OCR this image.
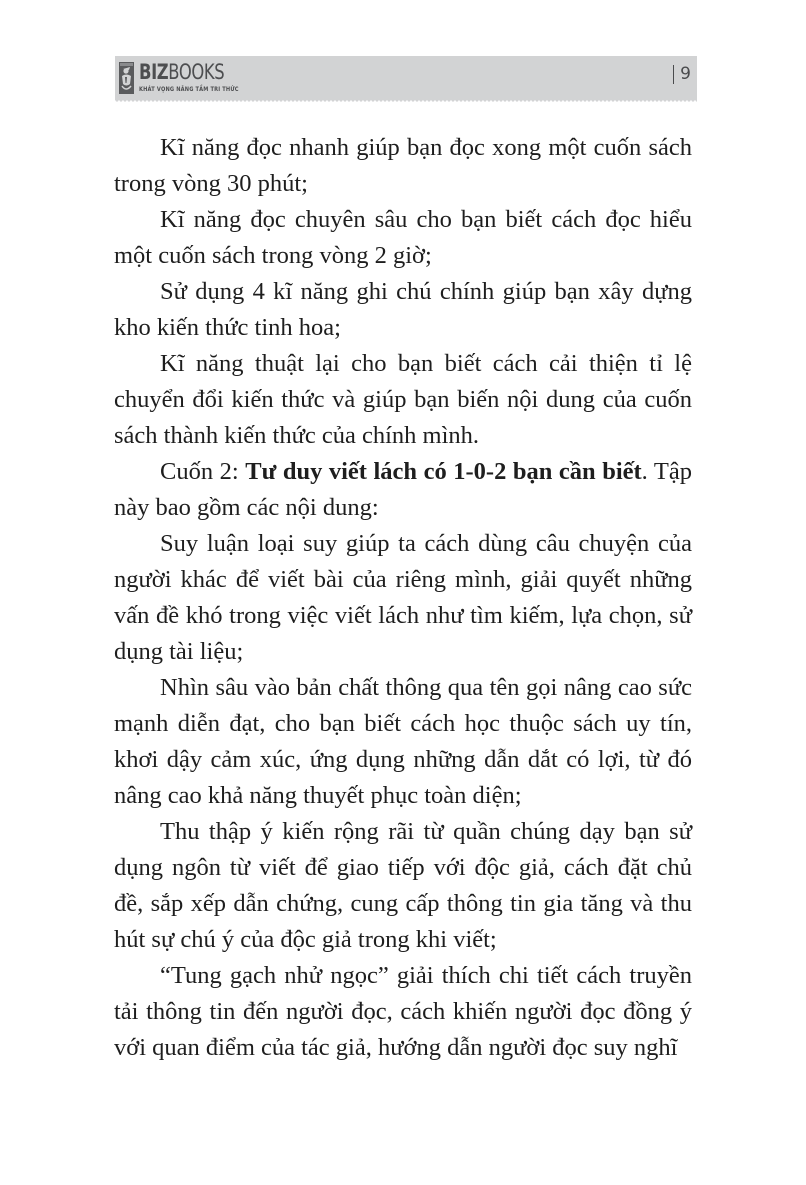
BIZBOOKS
KHÁT VỌNG NÂNG TẦM TRI THỨC
9

Kĩ năng đọc nhanh giúp bạn đọc xong một cuốn sách trong vòng 30 phút;

Kĩ năng đọc chuyên sâu cho bạn biết cách đọc hiểu một cuốn sách trong vòng 2 giờ;

Sử dụng 4 kĩ năng ghi chú chính giúp bạn xây dựng kho kiến thức tinh hoa;

Kĩ năng thuật lại cho bạn biết cách cải thiện tỉ lệ chuyển đổi kiến thức và giúp bạn biến nội dung của cuốn sách thành kiến thức của chính mình.

Cuốn 2: Tư duy viết lách có 1-0-2 bạn cần biết. Tập này bao gồm các nội dung:

Suy luận loại suy giúp ta cách dùng câu chuyện của người khác để viết bài của riêng mình, giải quyết những vấn đề khó trong việc viết lách như tìm kiếm, lựa chọn, sử dụng tài liệu;

Nhìn sâu vào bản chất thông qua tên gọi nâng cao sức mạnh diễn đạt, cho bạn biết cách học thuộc sách uy tín, khơi dậy cảm xúc, ứng dụng những dẫn dắt có lợi, từ đó nâng cao khả năng thuyết phục toàn diện;

Thu thập ý kiến rộng rãi từ quần chúng dạy bạn sử dụng ngôn từ viết để giao tiếp với độc giả, cách đặt chủ đề, sắp xếp dẫn chứng, cung cấp thông tin gia tăng và thu hút sự chú ý của độc giả trong khi viết;

“Tung gạch nhử ngọc” giải thích chi tiết cách truyền tải thông tin đến người đọc, cách khiến người đọc đồng ý với quan điểm của tác giả, hướng dẫn người đọc suy nghĩ
